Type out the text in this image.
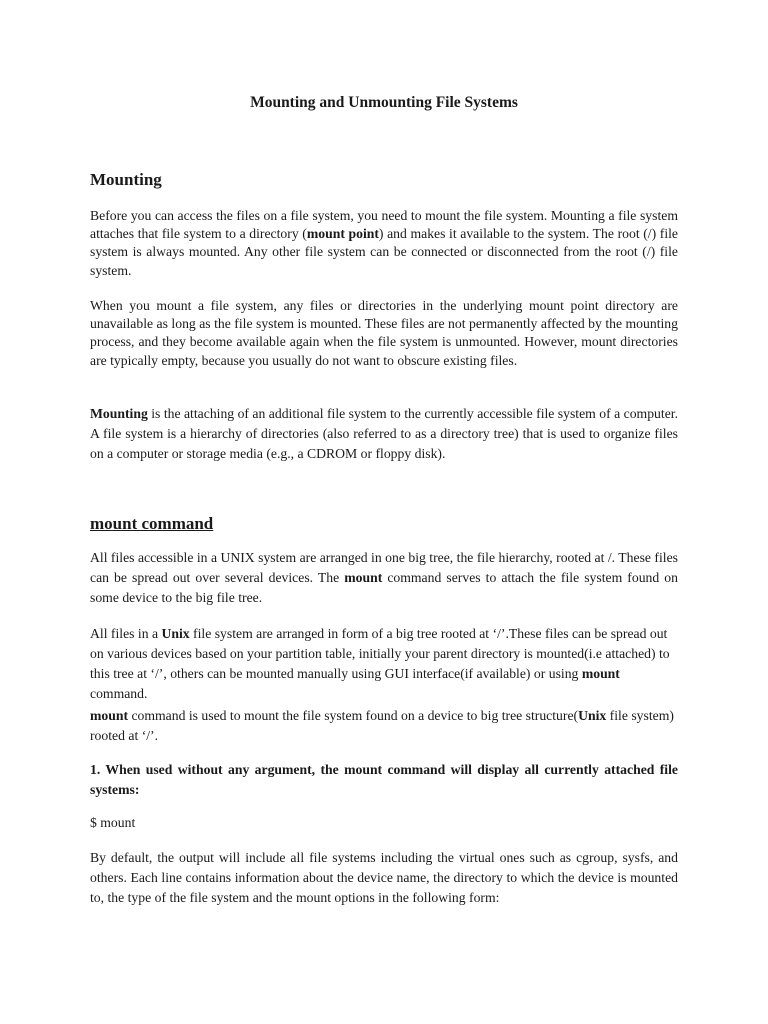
Mounting and Unmounting File Systems
Mounting

Before you can access the files on a file system, you need to mount the file system. Mounting a file system attaches that file system to a directory (mount point) and makes it available to the system. The root (/) file system is always mounted. Any other file system can be connected or disconnected from the root (/) file system.

When you mount a file system, any files or directories in the underlying mount point directory are unavailable as long as the file system is mounted. These files are not permanently affected by the mounting process, and they become available again when the file system is unmounted. However, mount directories are typically empty, because you usually do not want to obscure existing files.

Mounting is the attaching of an additional file system to the currently accessible file system of a computer. A file system is a hierarchy of directories (also referred to as a directory tree) that is used to organize files on a computer or storage media (e.g., a CDROM or floppy disk).

mount command

All files accessible in a UNIX system are arranged in one big tree, the file hierarchy, rooted at /. These files can be spread out over several devices. The mount command serves to attach the file system found on some device to the big file tree.

All files in a Unix file system are arranged in form of a big tree rooted at ‘/’.These files can be spread out on various devices based on your partition table, initially your parent directory is mounted(i.e attached) to this tree at ‘/’, others can be mounted manually using GUI interface(if available) or using mount command.

mount command is used to mount the file system found on a device to big tree structure(Unix file system) rooted at ‘/’.

1. When used without any argument, the mount command will display all currently attached file systems:

$ mount

By default, the output will include all file systems including the virtual ones such as cgroup, sysfs, and others. Each line contains information about the device name, the directory to which the device is mounted to, the type of the file system and the mount options in the following form:
